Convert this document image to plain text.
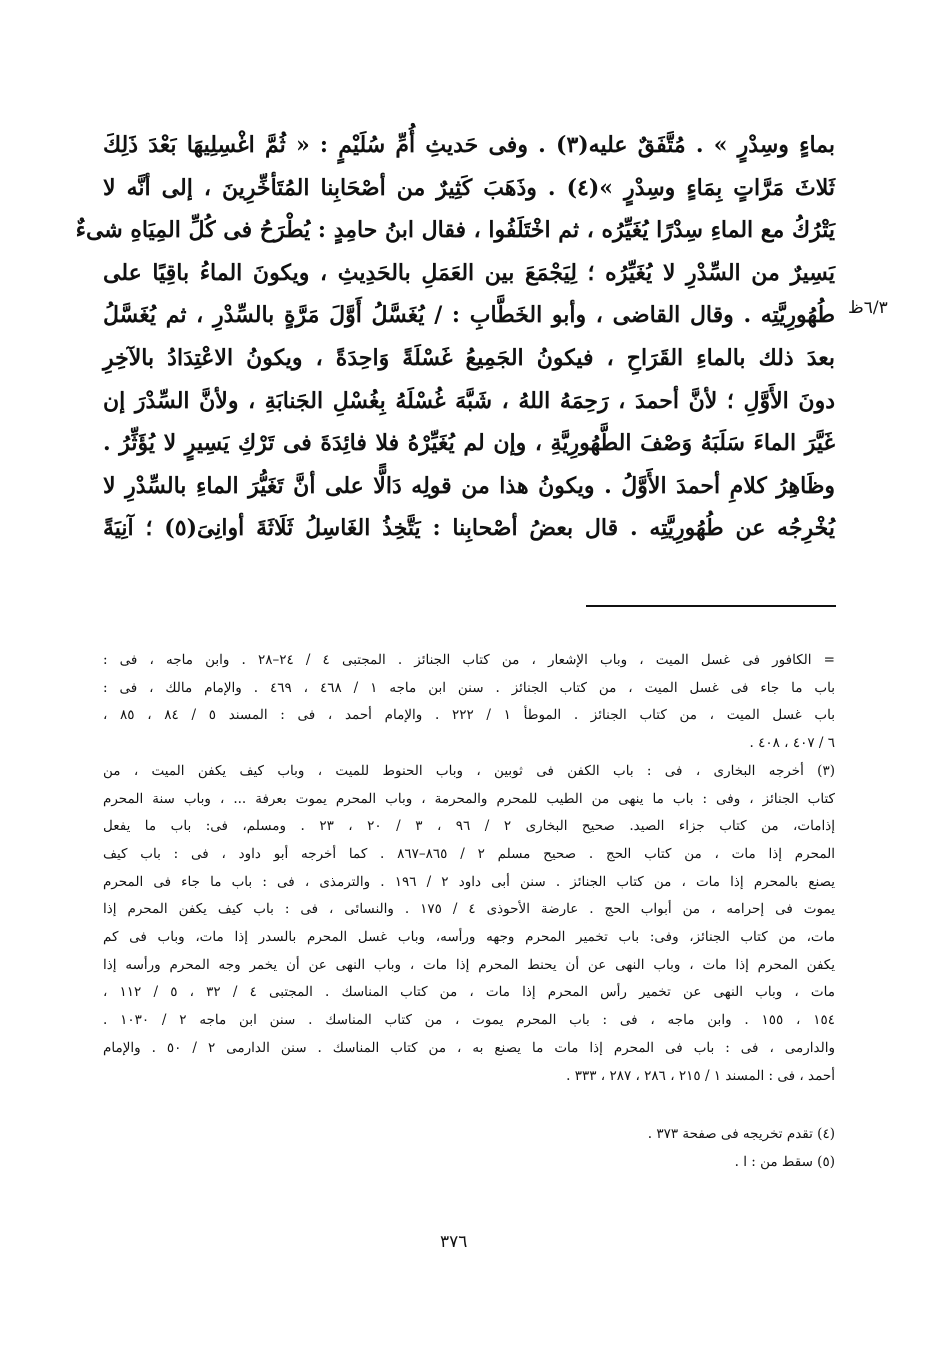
بماءٍ وسِدْرٍ » . مُتَّفَقٌ عليه(٣) . وفى حَديثِ أُمِّ سُلَيْمٍ : « ثُمَّ اغْسِلِيهَا بَعْدَ ذَلِكَ
ثَلاثَ مَرَّاتٍ بِمَاءٍ وسِدْرٍ »(٤) . وذَهَبَ كَثِيرٌ من أصْحَابِنا المُتَأخِّرِينَ ، إلى أنَّه لا
يَتْرُكُ مع الماءِ سِدْرًا يُغَيِّرُه ، ثم اخْتَلَفُوا ، فقال ابنُ حامِدٍ : يُطْرَحُ فى كُلِّ المِيَاهِ شىءٌ
يَسِيرٌ من السِّدْرِ لا يُغَيِّرُه ؛ لِيَجْمَعَ بين العَمَلِ بالحَدِيثِ ، ويكونَ الماءُ باقِيًا على
طُهُورِيَّتِه . وقال القاضى ، وأبو الخَطَّابِ : / يُغَسَّلُ أَوَّلَ مَرَّةٍ بالسِّدْرِ ، ثم يُغَسَّلُ
بعدَ ذلك بالماءِ القَرَاحِ ، فيكونُ الجَمِيعُ غَسْلَةً وَاحِدَةً ، ويكونُ الاعْتِدَادُ بالآخِرِ
دونَ الأَوَّلِ ؛ لأنَّ أحمدَ ، رَحِمَهُ اللهُ ، شَبَّهَ غُسْلَهُ بِغُسْلِ الجَنابَةِ ، ولأنَّ السِّدْرَ إن
غَيَّرَ الماءَ سَلَبَهُ وَصْفَ الطَّهُورِيَّةِ ، وإن لم يُغَيِّرْهُ فلا فائِدَةَ فى تَرْكِ يَسِيرٍ لا يُؤَثِّرُ .
وظَاهِرُ كلامِ أحمدَ الأَوَّلُ . ويكونُ هذا من قولِه دَالًّا على أنَّ تَغَيُّرَ الماءِ بالسِّدْرِ لا
يُخْرِجُه عن طُهُورِيَّتِه . قال بعضُ أصْحابِنا : يَتَّخِذُ الغَاسِلُ ثَلَاثَةَ أوانِىَ(٥) ؛ آنِيَةً
٦/٣ظ
= الكافور فى غسل الميت ، وباب الإشعار ، من كتاب الجنائز . المجتبى ٤ / ٢٤–٢٨ . وابن ماجه ، فى :
باب ما جاء فى غسل الميت ، من كتاب الجنائز . سنن ابن ماجه ١ / ٤٦٨ ، ٤٦٩ . والإمام مالك ، فى :
باب غسل الميت ، من كتاب الجنائز . الموطأ ١ / ٢٢٢ . والإمام أحمد ، فى : المسند ٥ / ٨٤ ، ٨٥ ،
٦ / ٤٠٧ ، ٤٠٨ .
(٣) أخرجه البخارى ، فى : باب الكفن فى ثوبين ، وباب الحنوط للميت ، وباب كيف يكفن الميت ، من
كتاب الجنائز ، وفى : باب ما ينهى من الطيب للمحرم والمحرمة ، وباب المحرم يموت بعرفة ... ، وباب سنة المحرم
إذامات، من كتاب جزاء الصيد. صحيح البخارى ٢ / ٩٦ ، ٣ / ٢٠ ، ٢٣ . ومسلم، فى: باب ما يفعل
المحرم إذا مات ، من كتاب الحج . صحيح مسلم ٢ / ٨٦٥–٨٦٧ . كما أخرجه أبو داود ، فى : باب كيف
يصنع بالمحرم إذا مات ، من كتاب الجنائز . سنن أبى داود ٢ / ١٩٦ . والترمذى ، فى : باب ما جاء فى المحرم
يموت فى إحرامه ، من أبواب الحج . عارضة الأحوذى ٤ / ١٧٥ . والنسائى ، فى : باب كيف يكفن المحرم إذا
مات، من كتاب الجنائز، وفى: باب تخمير المحرم وجهه ورأسه، وباب غسل المحرم بالسدر إذا مات، وباب فى كم
يكفن المحرم إذا مات ، وباب النهى عن أن يحنط المحرم إذا مات ، وباب النهى عن أن يخمر وجه المحرم ورأسه إذا
مات ، وباب النهى عن تخمير رأس المحرم إذا مات ، من كتاب المناسك . المجتبى ٤ / ٣٢ ، ٥ / ١١٢ ،
١٥٤ ، ١٥٥ . وابن ماجه ، فى : باب المحرم يموت ، من كتاب المناسك . سنن ابن ماجه ٢ / ١٠٣٠ .
والدارمى ، فى : باب فى المحرم إذا مات ما يصنع به ، من كتاب المناسك . سنن الدارمى ٢ / ٥٠ . والإمام
أحمد ، فى : المسند ١ / ٢١٥ ، ٢٨٦ ، ٢٨٧ ، ٣٣٣ .
(٤) تقدم تخريجه فى صفحة ٣٧٣ .
(٥) سقط من : ا .
٣٧٦
